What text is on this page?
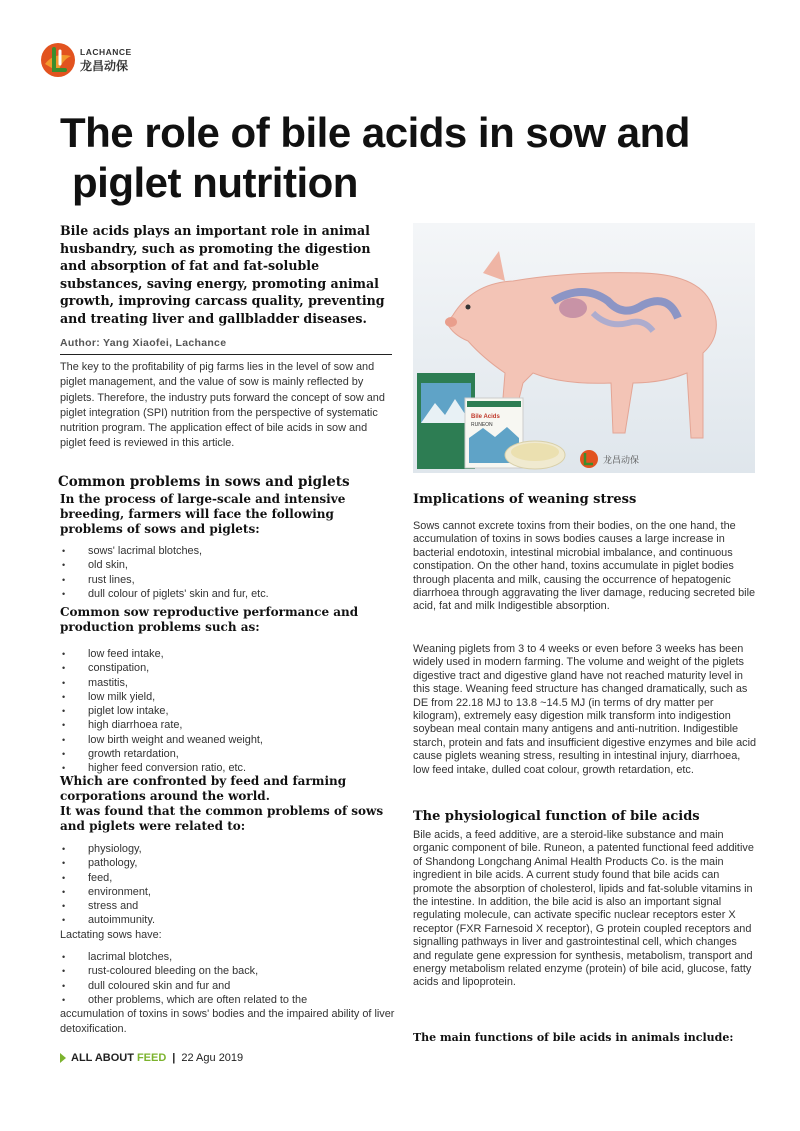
LACHANCE
龙昌动保
The role of bile acids in sow and
piglet nutrition

Bile acids plays an important role in animal husbandry, such as promoting the digestion and absorption of fat and fat-soluble substances, saving energy, promoting animal growth, improving carcass quality, preventing and treating liver and gallbladder diseases.

Author: Yang Xiaofei, Lachance

The key to the profitability of pig farms lies in the level of sow and piglet management, and the value of sow is mainly reflected by piglets. Therefore, the industry puts forward the concept of sow and piglet integration (SPI) nutrition from the perspective of systematic nutrition program. The application effect of bile acids in sow and piglet feed is reviewed in this article.

Bile Acids
RUNEON
龙昌动保
Common problems in sows and piglets

In the process of large-scale and intensive breeding, farmers will face the following problems of sows and piglets:

• sows' lacrimal blotches,
• old skin,
• rust lines,
• dull colour of piglets' skin and fur, etc.

Common sow reproductive performance and production problems such as:

• low feed intake,
• constipation,
• mastitis,
• low milk yield,
• piglet low intake,
• high diarrhoea rate,
• low birth weight and weaned weight,
• growth retardation,
• higher feed conversion ratio, etc.

Which are confronted by feed and farming corporations around the world.

It was found that the common problems of sows and piglets were related to:

• physiology,
• pathology,
• feed,
• environment,
• stress and
• autoimmunity.

Lactating sows have:

• lacrimal blotches,
• rust-coloured bleeding on the back,
• dull coloured skin and fur and
• other problems, which are often related to the

accumulation of toxins in sows' bodies and the impaired ability of liver detoxification.

Implications of weaning stress

Sows cannot excrete toxins from their bodies, on the one hand, the accumulation of toxins in sows bodies causes a large increase in bacterial endotoxin, intestinal microbial imbalance, and continuous constipation. On the other hand, toxins accumulate in piglet bodies through placenta and milk, causing the occurrence of hepatogenic diarrhoea through aggravating the liver damage, reducing secreted bile acid, fat and milk Indigestible absorption.

Weaning piglets from 3 to 4 weeks or even before 3 weeks has been widely used in modern farming. The volume and weight of the piglets digestive tract and digestive gland have not reached maturity level in this stage. Weaning feed structure has changed dramatically, such as DE from 22.18 MJ to 13.8 ~14.5 MJ (in terms of dry matter per kilogram), extremely easy digestion milk transform into indigestion soybean meal contain many antigens and anti-nutrition. Indigestible starch, protein and fats and insufficient digestive enzymes and bile acid cause piglets weaning stress, resulting in intestinal injury, diarrhoea, low feed intake, dulled coat colour, growth retardation, etc.

The physiological function of bile acids

Bile acids, a feed additive, are a steroid-like substance and main organic component of bile. Runeon, a patented functional feed additive of Shandong Longchang Animal Health Products Co. is the main ingredient in bile acids. A current study found that bile acids can promote the absorption of cholesterol, lipids and fat-soluble vitamins in the intestine. In addition, the bile acid is also an important signal regulating molecule, can activate specific nuclear receptors ester X receptor (FXR Farnesoid X receptor), G protein coupled receptors and signalling pathways in liver and gastrointestinal cell, which changes and regulate gene expression for synthesis, metabolism, transport and energy metabolism related enzyme (protein) of bile acid, glucose, fatty acids and lipoprotein.

The main functions of bile acids in animals include:

ALL ABOUT FEED | 22 Agu 2019
